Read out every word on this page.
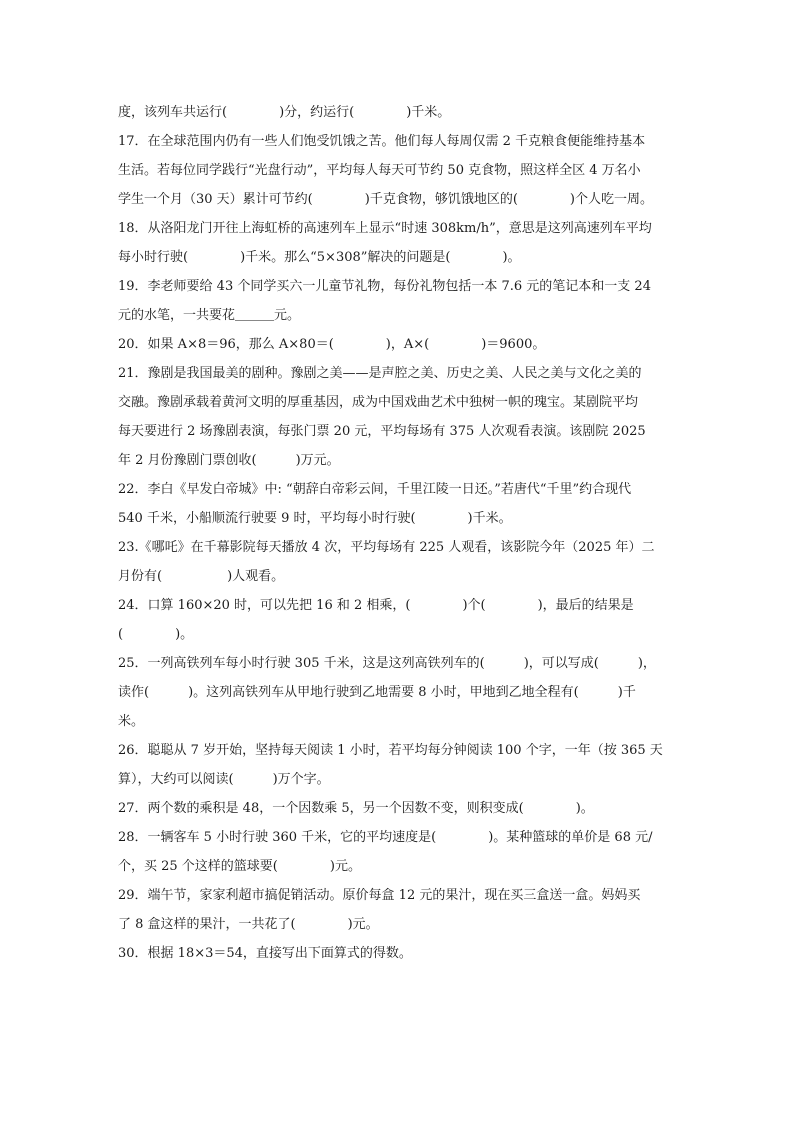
度，该列车共运行(　　　　)分，约运行(　　　　)千米。
17．在全球范围内仍有一些人们饱受饥饿之苦。他们每人每周仅需 2 千克粮食便能维持基本
生活。若每位同学践行“光盘行动”，平均每人每天可节约 50 克食物，照这样全区 4 万名小
学生一个月（30 天）累计可节约(　　　　)千克食物，够饥饿地区的(　　　　)个人吃一周。
18．从洛阳龙门开往上海虹桥的高速列车上显示“时速 308km/h”，意思是这列高速列车平均
每小时行驶(　　　　)千米。那么“5×308”解决的问题是(　　　　)。
19．李老师要给 43 个同学买六一儿童节礼物，每份礼物包括一本 7.6 元的笔记本和一支 24
元的水笔，一共要花＿＿＿元。
20．如果 A×8＝96，那么 A×80＝(　　　　)，A×(　　　　)＝9600。
21．豫剧是我国最美的剧种。豫剧之美——是声腔之美、历史之美、人民之美与文化之美的
交融。豫剧承载着黄河文明的厚重基因，成为中国戏曲艺术中独树一帜的瑰宝。某剧院平均
每天要进行 2 场豫剧表演，每张门票 20 元，平均每场有 375 人次观看表演。该剧院 2025
年 2 月份豫剧门票创收(　　　)万元。
22．李白《早发白帝城》中: “朝辞白帝彩云间，千里江陵一日还。”若唐代“千里”约合现代
540 千米，小船顺流行驶要 9 时，平均每小时行驶(　　　　)千米。
23.《哪吒》在千幕影院每天播放 4 次，平均每场有 225 人观看，该影院今年（2025 年）二
月份有(　　　　　)人观看。
24．口算 160×20 时，可以先把 16 和 2 相乘，(　　　　)个(　　　　)，最后的结果是
(　　　　)。
25．一列高铁列车每小时行驶 305 千米，这是这列高铁列车的(　　　)，可以写成(　　　)，
读作(　　　)。这列高铁列车从甲地行驶到乙地需要 8 小时，甲地到乙地全程有(　　　)千
米。
26．聪聪从 7 岁开始，坚持每天阅读 1 小时，若平均每分钟阅读 100 个字，一年（按 365 天
算），大约可以阅读(　　　)万个字。
27．两个数的乘积是 48，一个因数乘 5，另一个因数不变，则积变成(　　　　)。
28．一辆客车 5 小时行驶 360 千米，它的平均速度是(　　　　)。某种篮球的单价是 68 元/
个，买 25 个这样的篮球要(　　　　)元。
29．端午节，家家利超市搞促销活动。原价每盒 12 元的果汁，现在买三盒送一盒。妈妈买
了 8 盒这样的果汁，一共花了(　　　　)元。
30．根据 18×3＝54，直接写出下面算式的得数。
